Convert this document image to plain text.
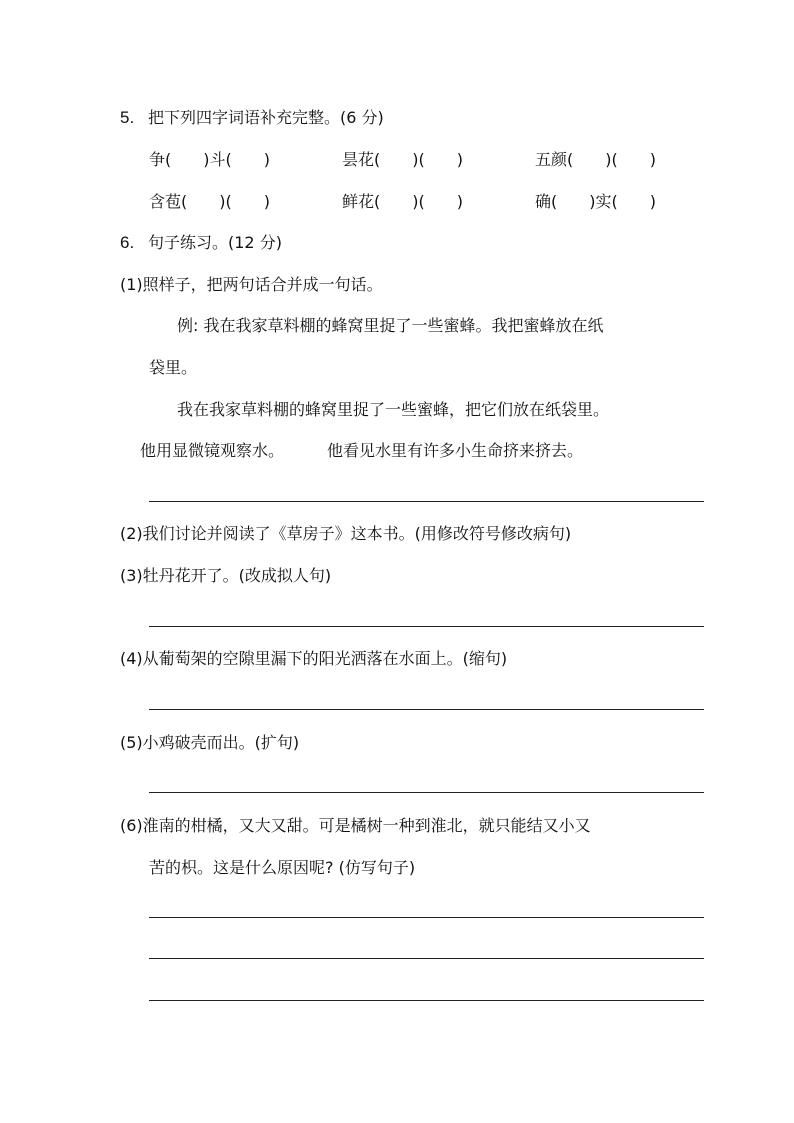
5. 把下列四字词语补充完整。(6 分)
争(　　)斗(　　)	昙花(　　)(　　)	五颜(　　)(　　)
含苞(　　)(　　)	鲜花(　　)(　　)	确(　　)实(　　)
6. 句子练习。(12 分)
(1)照样子，把两句话合并成一句话。
例: 我在我家草料棚的蜂窝里捉了一些蜜蜂。我把蜜蜂放在纸
袋里。
我在我家草料棚的蜂窝里捉了一些蜜蜂，把它们放在纸袋里。
他用显微镜观察水。	他看见水里有许多小生命挤来挤去。
(2)我们讨论并阅读了《草房子》这本书。(用修改符号修改病句)
(3)牡丹花开了。(改成拟人句)
(4)从葡萄架的空隙里漏下的阳光洒落在水面上。(缩句)
(5)小鸡破壳而出。(扩句)
(6)淮南的柑橘，又大又甜。可是橘树一种到淮北，就只能结又小又
苦的枳。这是什么原因呢? (仿写句子)
